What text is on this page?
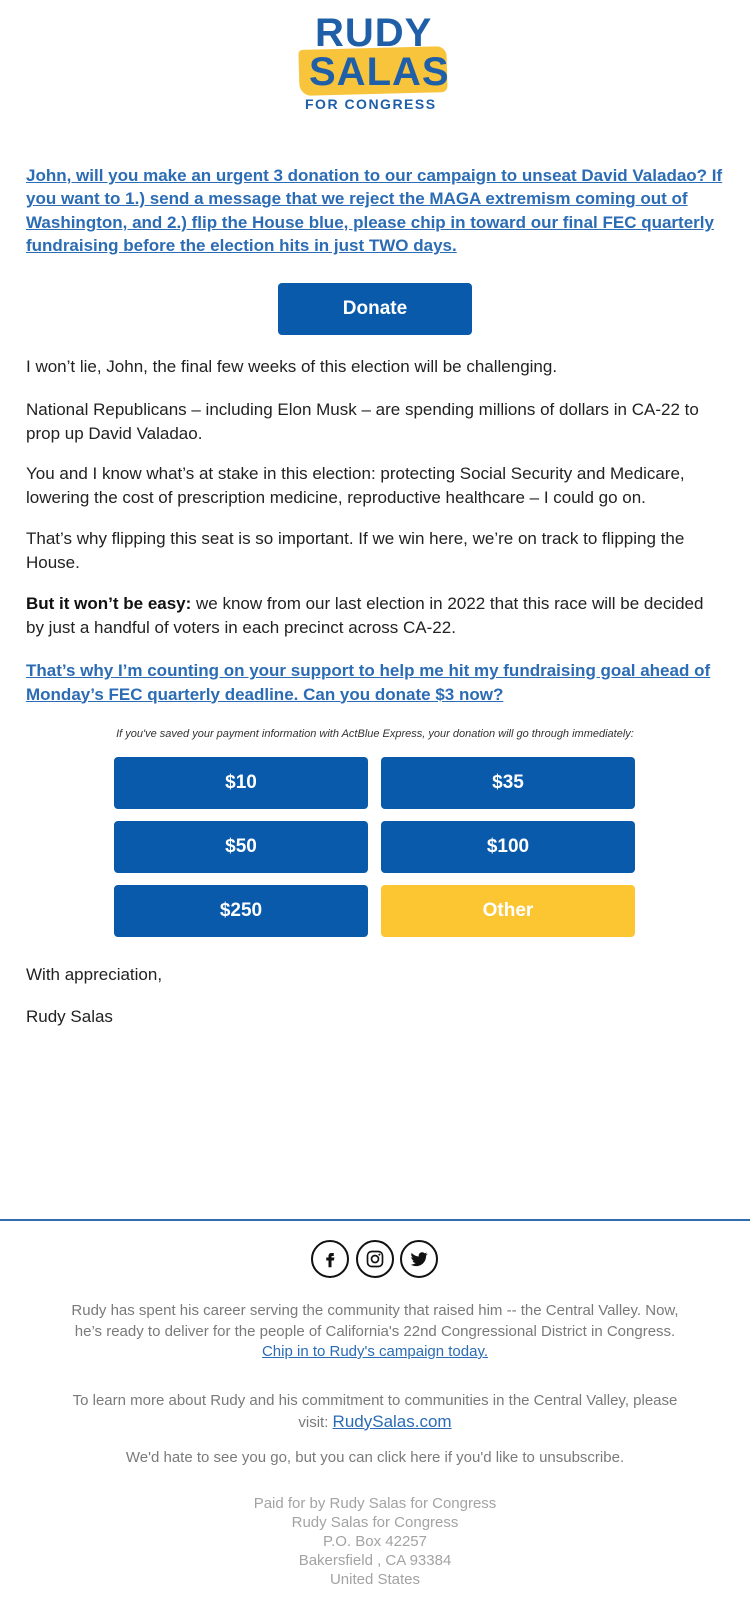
RUDY
SALAS
FOR CONGRESS
John, will you make an urgent 3 donation to our campaign to unseat David Valadao? If you want to 1.) send a message that we reject the MAGA extremism coming out of Washington, and 2.) flip the House blue, please chip in toward our final FEC quarterly fundraising before the election hits in just TWO days.
Donate
I won’t lie, John, the final few weeks of this election will be challenging.
National Republicans – including Elon Musk – are spending millions of dollars in CA-22 to prop up David Valadao.
You and I know what’s at stake in this election: protecting Social Security and Medicare, lowering the cost of prescription medicine, reproductive healthcare – I could go on.
That’s why flipping this seat is so important. If we win here, we’re on track to flipping the House.
But it won’t be easy: we know from our last election in 2022 that this race will be decided by just a handful of voters in each precinct across CA-22.
That’s why I’m counting on your support to help me hit my fundraising goal ahead of Monday’s FEC quarterly deadline. Can you donate $3 now?
If you've saved your payment information with ActBlue Express, your donation will go through immediately:
$10	$35
$50	$100
$250	Other
With appreciation,
Rudy Salas
Rudy has spent his career serving the community that raised him -- the Central Valley. Now, he’s ready to deliver for the people of California's 22nd Congressional District in Congress. Chip in to Rudy's campaign today.
To learn more about Rudy and his commitment to communities in the Central Valley, please visit: RudySalas.com
We'd hate to see you go, but you can click here if you'd like to unsubscribe.
Paid for by Rudy Salas for Congress
Rudy Salas for Congress
P.O. Box 42257
Bakersfield , CA 93384
United States
